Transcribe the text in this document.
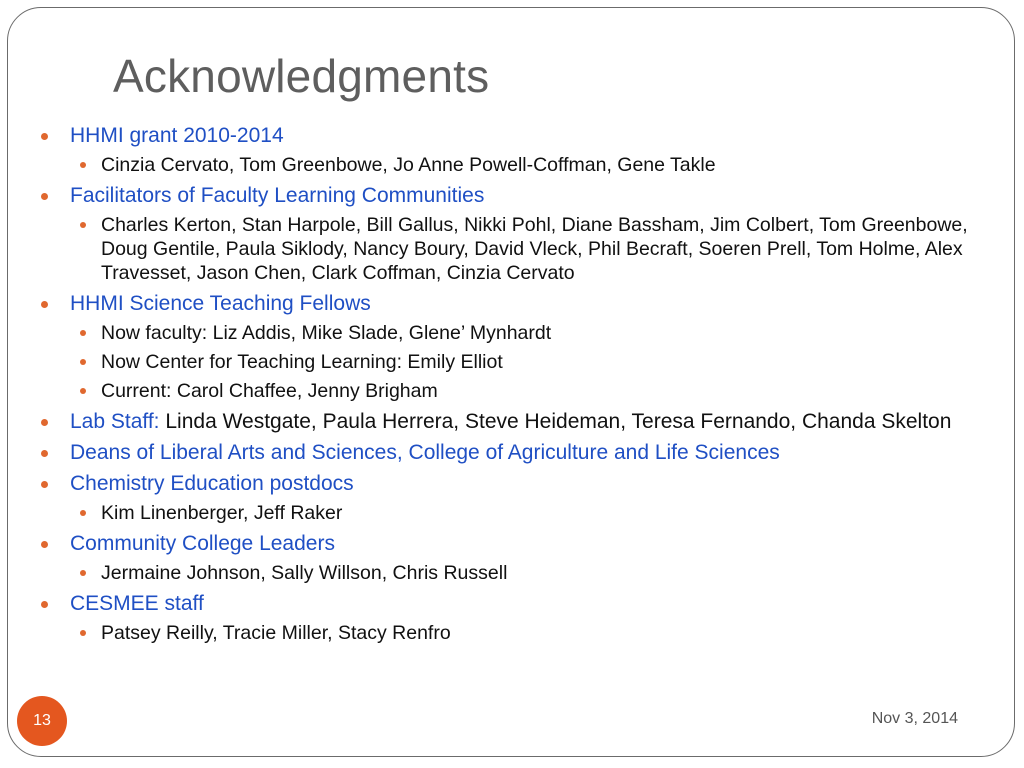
Acknowledgments
HHMI grant 2010-2014
Cinzia Cervato, Tom Greenbowe, Jo Anne Powell-Coffman, Gene Takle
Facilitators of Faculty Learning Communities
Charles Kerton, Stan Harpole, Bill Gallus, Nikki Pohl, Diane Bassham, Jim Colbert, Tom Greenbowe, Doug Gentile, Paula Siklody, Nancy Boury, David Vleck, Phil Becraft, Soeren Prell, Tom Holme, Alex Travesset, Jason Chen, Clark Coffman, Cinzia Cervato
HHMI Science Teaching Fellows
Now faculty: Liz Addis, Mike Slade, Glene’ Mynhardt
Now Center for Teaching Learning: Emily Elliot
Current: Carol Chaffee, Jenny Brigham
Lab Staff: Linda Westgate, Paula Herrera, Steve Heideman, Teresa Fernando, Chanda Skelton
Deans of Liberal Arts and Sciences, College of Agriculture and Life Sciences
Chemistry Education postdocs
Kim Linenberger, Jeff Raker
Community College Leaders
Jermaine Johnson, Sally Willson, Chris Russell
CESMEE staff
Patsey Reilly, Tracie Miller, Stacy Renfro
13	Nov 3, 2014
